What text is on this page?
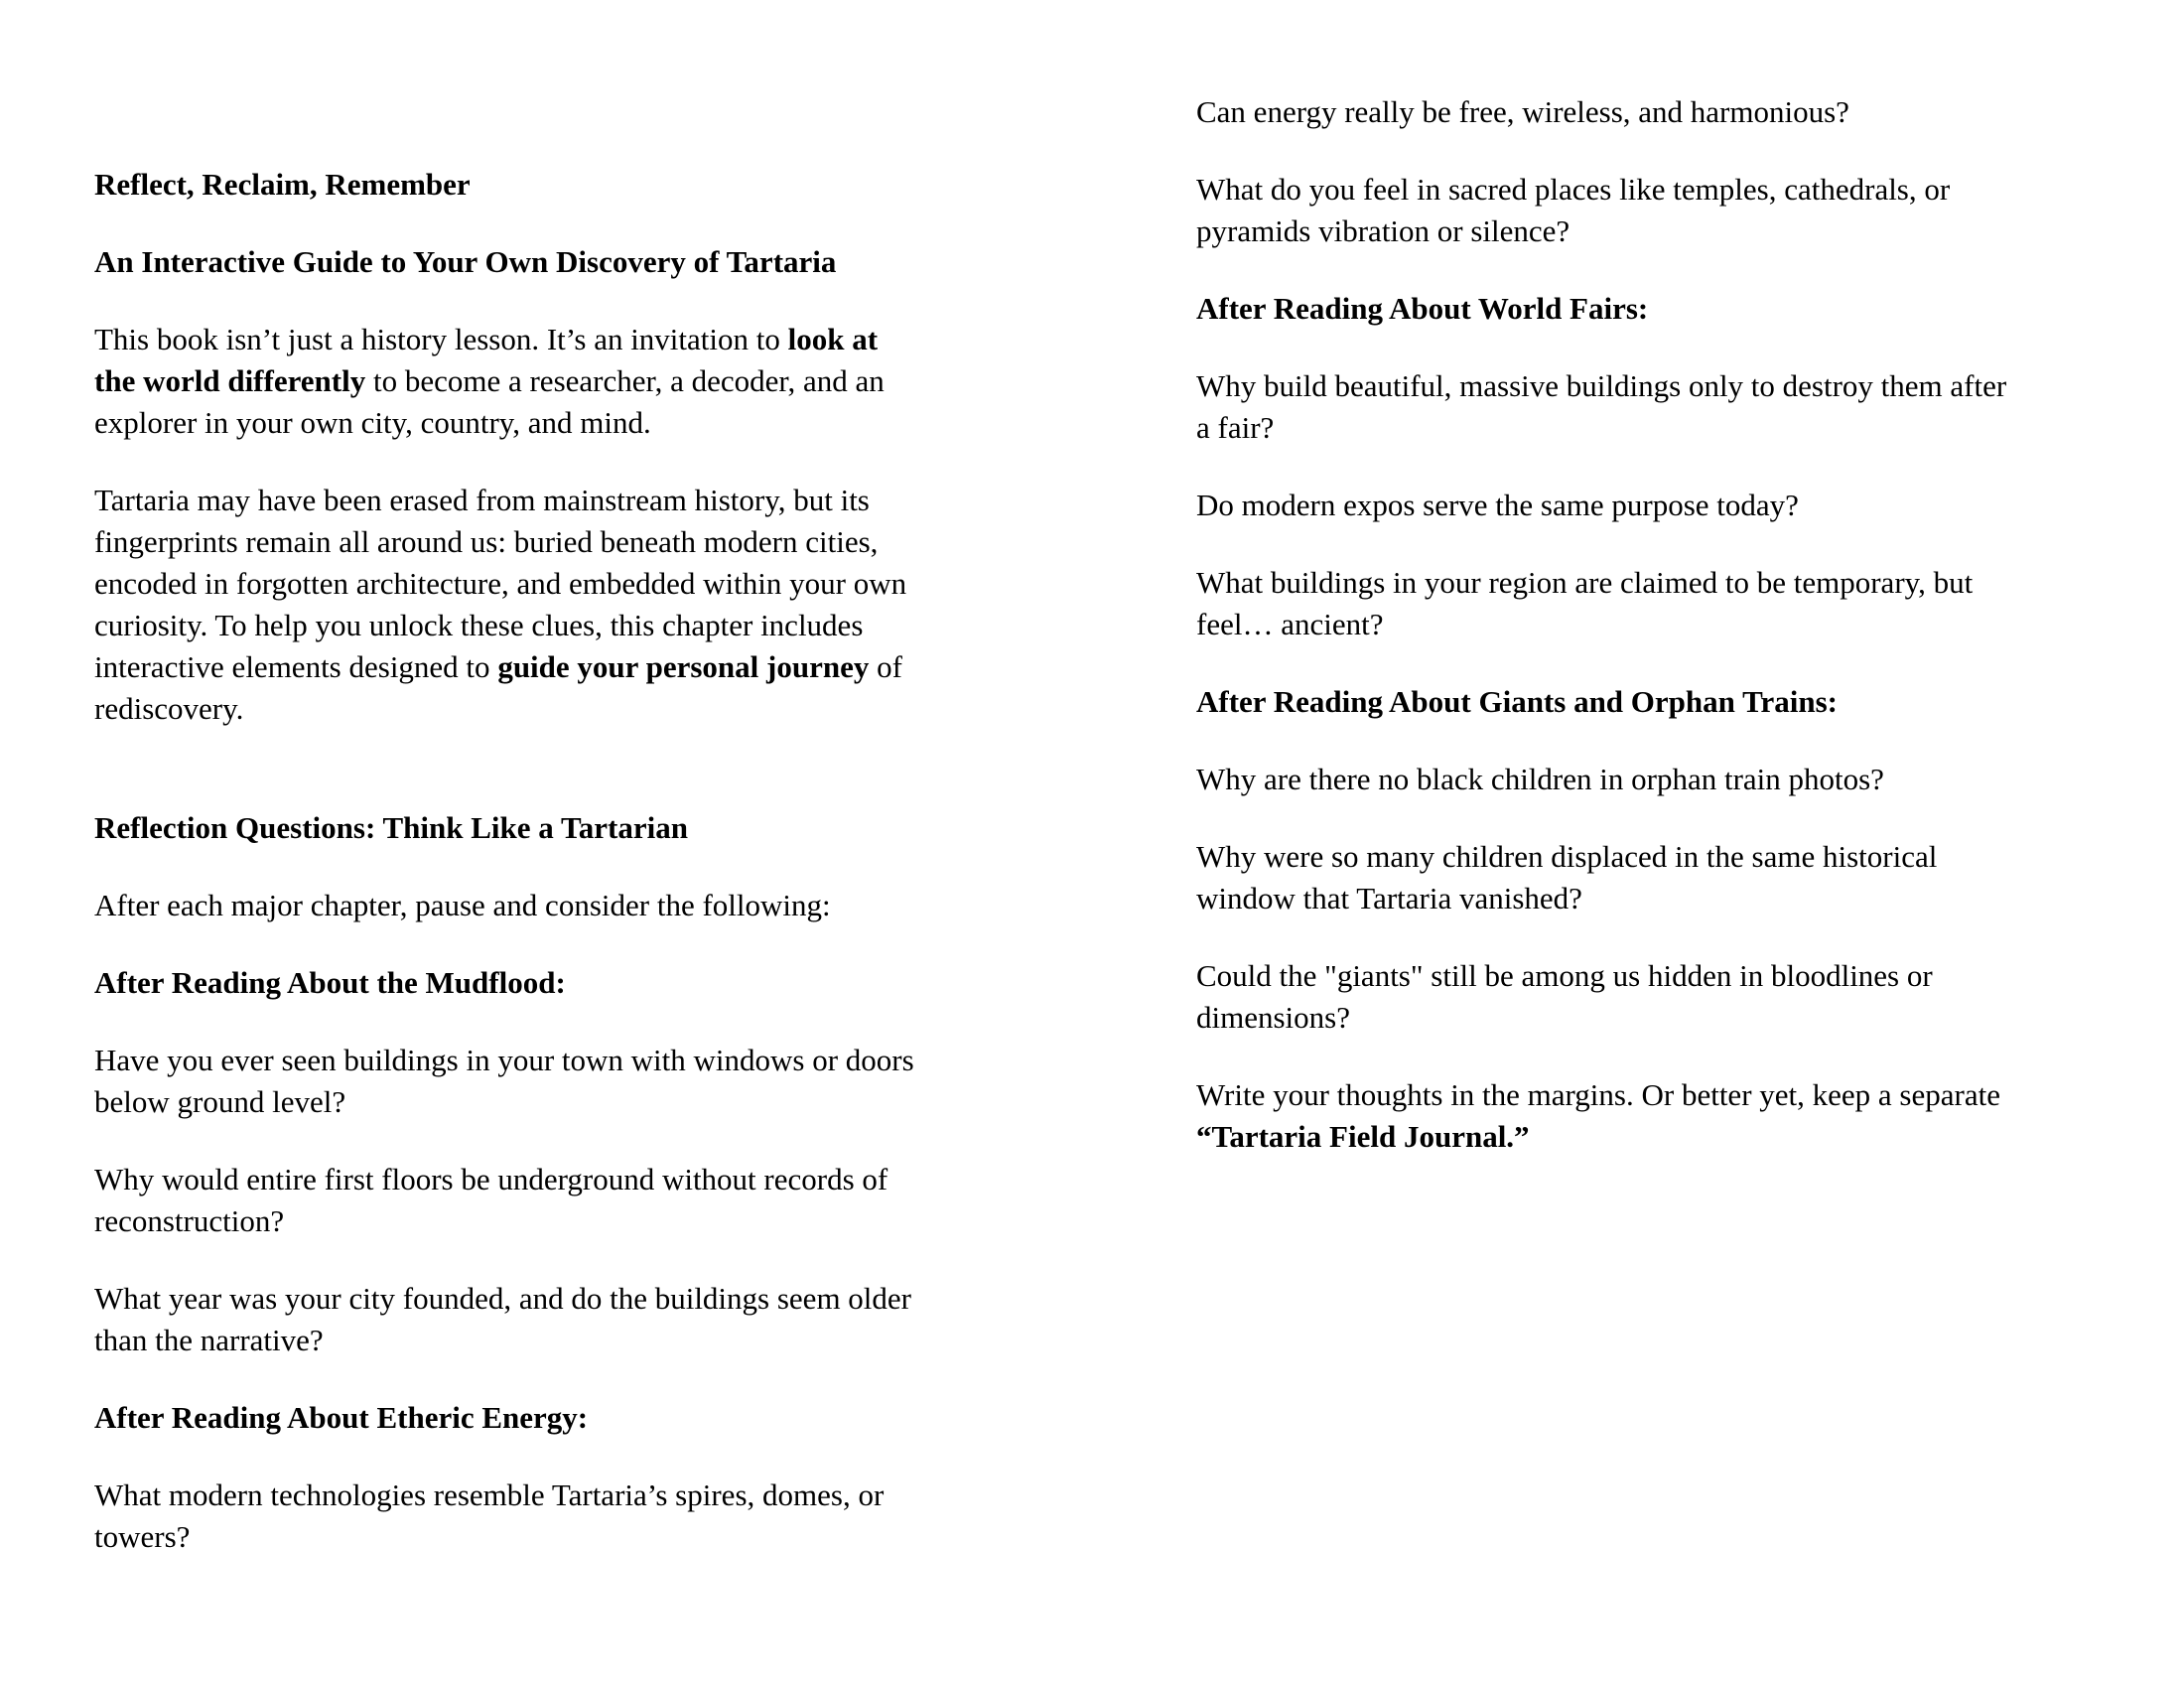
Reflect, Reclaim, Remember
An Interactive Guide to Your Own Discovery of Tartaria
This book isn’t just a history lesson. It’s an invitation to look at
the world differently to become a researcher, a decoder, and an
explorer in your own city, country, and mind.
Tartaria may have been erased from mainstream history, but its
fingerprints remain all around us: buried beneath modern cities,
encoded in forgotten architecture, and embedded within your own
curiosity. To help you unlock these clues, this chapter includes
interactive elements designed to guide your personal journey of
rediscovery.
Reflection Questions: Think Like a Tartarian
After each major chapter, pause and consider the following:
After Reading About the Mudflood:
Have you ever seen buildings in your town with windows or doors
below ground level?
Why would entire first floors be underground without records of
reconstruction?
What year was your city founded, and do the buildings seem older
than the narrative?
After Reading About Etheric Energy:
What modern technologies resemble Tartaria’s spires, domes, or
towers?
Can energy really be free, wireless, and harmonious?
What do you feel in sacred places like temples, cathedrals, or
pyramids vibration or silence?
After Reading About World Fairs:
Why build beautiful, massive buildings only to destroy them after
a fair?
Do modern expos serve the same purpose today?
What buildings in your region are claimed to be temporary, but
feel… ancient?
After Reading About Giants and Orphan Trains:
Why are there no black children in orphan train photos?
Why were so many children displaced in the same historical
window that Tartaria vanished?
Could the "giants" still be among us hidden in bloodlines or
dimensions?
Write your thoughts in the margins. Or better yet, keep a separate
“Tartaria Field Journal.”
